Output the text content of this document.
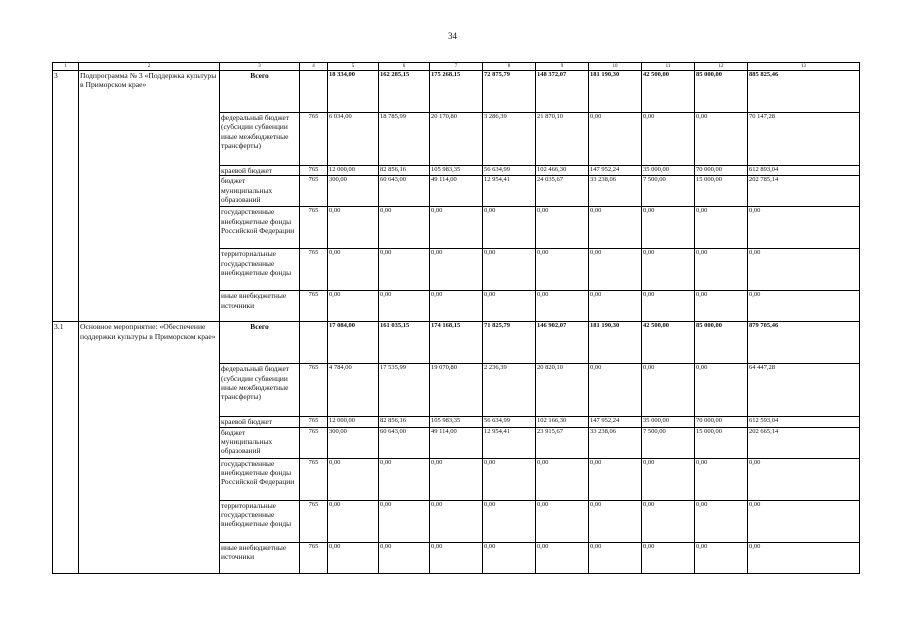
34
1	2	3	4	5	6	7	8	9	10	11	12	13
3	Подпрограмма № 3 «Поддержка культуры в Приморском крае»	Всего		18 334,00	162 285,15	175 268,15	72 875,79	148 372,07	181 190,30	42 500,00	85 000,00	885 825,46
		федеральный бюджет (субсидии субвенции иные межбюджетные трансферты)	765	6 034,00	18 785,99	20 170,80	3 286,39	21 870,10	0,00	0,00	0,00	70 147,28
		краевой бюджет	765	12 000,00	82 856,16	105 983,35	56 634,99	102 466,30	147 952,24	35 000,00	70 000,00	612 893,04
		бюджет муниципальных образований	765	300,00	60 643,00	49 114,00	12 954,41	24 035,67	33 238,06	7 500,00	15 000,00	202 785,14
		государственные внебюджетные фонды Российской Федерации	765	0,00	0,00	0,00	0,00	0,00	0,00	0,00	0,00	0,00
		территориальные государственные внебюджетные фонды	765	0,00	0,00	0,00	0,00	0,00	0,00	0,00	0,00	0,00
		иные внебюджетные источники	765	0,00	0,00	0,00	0,00	0,00	0,00	0,00	0,00	0,00
3.1	Основное мероприятие: «Обеспечение поддержки культуры в Приморском крае»	Всего		17 084,00	161 035,15	174 168,15	71 825,79	146 902,07	181 190,30	42 500,00	85 000,00	879 705,46
		федеральный бюджет (субсидии субвенции иные межбюджетные трансферты)	765	4 784,00	17 535,99	19 070,80	2 236,39	20 820,10	0,00	0,00	0,00	64 447,28
		краевой бюджет	765	12 000,00	82 856,16	105 983,35	56 634,99	102 166,30	147 952,24	35 000,00	70 000,00	612 593,04
		бюджет муниципальных образований	765	300,00	60 643,00	49 114,00	12 954,41	23 915,67	33 238,06	7 500,00	15 000,00	202 665,14
		государственные внебюджетные фонды Российской Федерации	765	0,00	0,00	0,00	0,00	0,00	0,00	0,00	0,00	0,00
		территориальные государственные внебюджетные фонды	765	0,00	0,00	0,00	0,00	0,00	0,00	0,00	0,00	0,00
		иные внебюджетные источники	765	0,00	0,00	0,00	0,00	0,00	0,00	0,00	0,00	0,00
